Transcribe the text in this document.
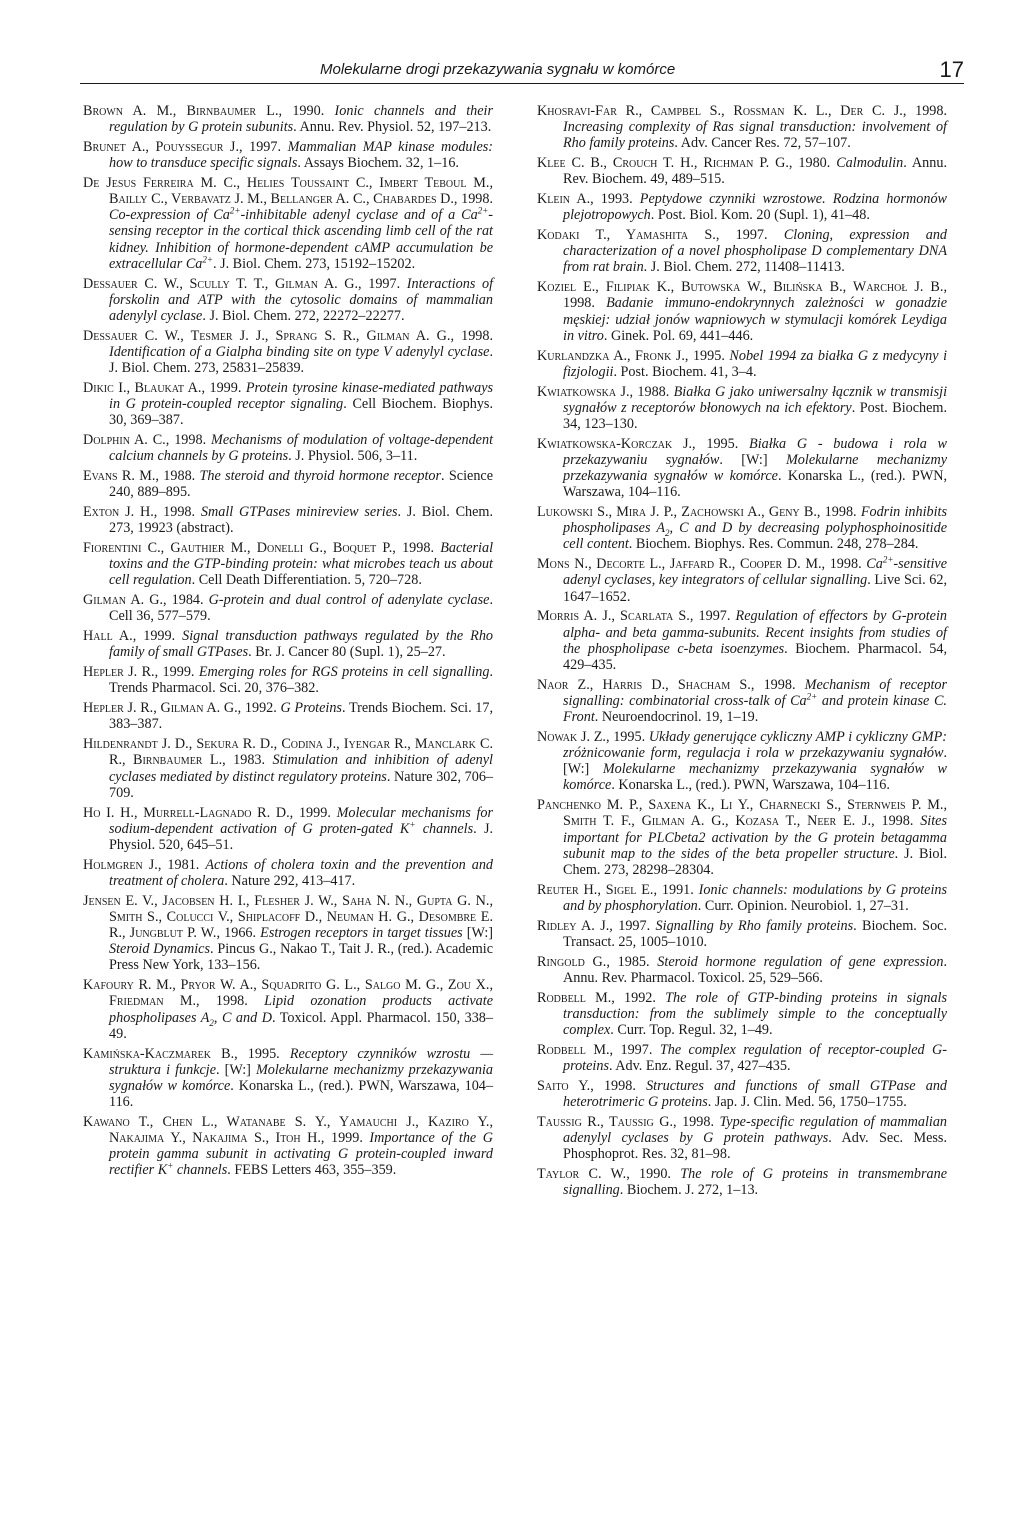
Molekularne drogi przekazywania sygnału w komórce	17

Brown A. M., Birnbaumer L., 1990. Ionic channels and their regulation by G protein subunits. Annu. Rev. Physiol. 52, 197–213.

Brunet A., Pouyssegur J., 1997. Mammalian MAP kinase modules: how to transduce specific signals. Assays Biochem. 32, 1–16.

De Jesus Ferreira M. C., Helies Toussaint C., Imbert Teboul M., Bailly C., Verbavatz J. M., Bellanger A. C., Chabardes D., 1998. Co-expression of $Ca^{2+}$-inhibitable adenyl cyclase and of a $Ca^{2+}$-sensing receptor in the cortical thick ascending limb cell of the rat kidney. Inhibition of hormone-dependent cAMP accumulation be extracellular $Ca^{2+}$. J. Biol. Chem. 273, 15192–15202.

Dessauer C. W., Scully T. T., Gilman A. G., 1997. Interactions of forskolin and ATP with the cytosolic domains of mammalian adenylyl cyclase. J. Biol. Chem. 272, 22272–22277.

Dessauer C. W., Tesmer J. J., Sprang S. R., Gilman A. G., 1998. Identification of a Gialpha binding site on type V adenylyl cyclase. J. Biol. Chem. 273, 25831–25839.

Dikic I., Blaukat A., 1999. Protein tyrosine kinase-mediated pathways in G protein-coupled receptor signaling. Cell Biochem. Biophys. 30, 369–387.

Dolphin A. C., 1998. Mechanisms of modulation of voltage-dependent calcium channels by G proteins. J. Physiol. 506, 3–11.

Evans R. M., 1988. The steroid and thyroid hormone receptor. Science 240, 889–895.

Exton J. H., 1998. Small GTPases minireview series. J. Biol. Chem. 273, 19923 (abstract).

Fiorentini C., Gauthier M., Donelli G., Boquet P., 1998. Bacterial toxins and the GTP-binding protein: what microbes teach us about cell regulation. Cell Death Differentiation. 5, 720–728.

Gilman A. G., 1984. G-protein and dual control of adenylate cyclase. Cell 36, 577–579.

Hall A., 1999. Signal transduction pathways regulated by the Rho family of small GTPases. Br. J. Cancer 80 (Supl. 1), 25–27.

Hepler J. R., 1999. Emerging roles for RGS proteins in cell signalling. Trends Pharmacol. Sci. 20, 376–382.

Hepler J. R., Gilman A. G., 1992. G Proteins. Trends Biochem. Sci. 17, 383–387.

Hildenrandt J. D., Sekura R. D., Codina J., Iyengar R., Manclark C. R., Birnbaumer L., 1983. Stimulation and inhibition of adenyl cyclases mediated by distinct regulatory proteins. Nature 302, 706–709.

Ho I. H., Murrell-Lagnado R. D., 1999. Molecular mechanisms for sodium-dependent activation of G proten-gated K+ channels. J. Physiol. 520, 645–51.

Holmgren J., 1981. Actions of cholera toxin and the prevention and treatment of cholera. Nature 292, 413–417.

Jensen E. V., Jacobsen H. I., Flesher J. W., Saha N. N., Gupta G. N., Smith S., Colucci V., Shiplacoff D., Neuman H. G., Desombre E. R., Jungblut P. W., 1966. Estrogen receptors in target tissues [W:] Steroid Dynamics. Pincus G., Nakao T., Tait J. R., (red.). Academic Press New York, 133–156.

Kafoury R. M., Pryor W. A., Squadrito G. L., Salgo M. G., Zou X., Friedman M., 1998. Lipid ozonation products activate phospholipases $A_2$, C and D. Toxicol. Appl. Pharmacol. 150, 338–49.

Kamińska-Kaczmarek B., 1995. Receptory czynników wzrostu — struktura i funkcje. [W:] Molekularne mechanizmy przekazywania sygnałów w komórce. Konarska L., (red.). PWN, Warszawa, 104–116.

Kawano T., Chen L., Watanabe S. Y., Yamauchi J., Kaziro Y., Nakajima Y., Nakajima S., Itoh H., 1999. Importance of the G protein gamma subunit in activating G protein-coupled inward rectifier K+ channels. FEBS Letters 463, 355–359.

Khosravi-Far R., Campbel S., Rossman K. L., Der C. J., 1998. Increasing complexity of Ras signal transduction: involvement of Rho family proteins. Adv. Cancer Res. 72, 57–107.

Klee C. B., Crouch T. H., Richman P. G., 1980. Calmodulin. Annu. Rev. Biochem. 49, 489–515.

Klein A., 1993. Peptydowe czynniki wzrostowe. Rodzina hormonów plejotropowych. Post. Biol. Kom. 20 (Supl. 1), 41–48.

Kodaki T., Yamashita S., 1997. Cloning, expression and characterization of a novel phospholipase D complementary DNA from rat brain. J. Biol. Chem. 272, 11408–11413.

Koziel E., Filipiak K., Butowska W., Bilińska B., Warchoł J. B., 1998. Badanie immuno-endokrynnych zależności w gonadzie męskiej: udział jonów wapniowych w stymulacji komórek Leydiga in vitro. Ginek. Pol. 69, 441–446.

Kurlandzka A., Fronk J., 1995. Nobel 1994 za białka G z medycyny i fizjologii. Post. Biochem. 41, 3–4.

Kwiatkowska J., 1988. Białka G jako uniwersalny łącznik w transmisji sygnałów z receptorów błonowych na ich efektory. Post. Biochem. 34, 123–130.

Kwiatkowska-Korczak J., 1995. Białka G - budowa i rola w przekazywaniu sygnałów. [W:] Molekularne mechanizmy przekazywania sygnałów w komórce. Konarska L., (red.). PWN, Warszawa, 104–116.

Lukowski S., Mira J. P., Zachowski A., Geny B., 1998. Fodrin inhibits phospholipases $A_2$, C and D by decreasing polyphosphoinositide cell content. Biochem. Biophys. Res. Commun. 248, 278–284.

Mons N., Decorte L., Jaffard R., Cooper D. M., 1998. $Ca^{2+}$-sensitive adenyl cyclases, key integrators of cellular signalling. Live Sci. 62, 1647–1652.

Morris A. J., Scarlata S., 1997. Regulation of effectors by G-protein alpha- and beta gamma-subunits. Recent insights from studies of the phospholipase c-beta isoenzymes. Biochem. Pharmacol. 54, 429–435.

Naor Z., Harris D., Shacham S., 1998. Mechanism of receptor signalling: combinatorial cross-talk of $Ca^{2+}$ and protein kinase C. Front. Neuroendocrinol. 19, 1–19.

Nowak J. Z., 1995. Układy generujące cykliczny AMP i cykliczny GMP: zróżnicowanie form, regulacja i rola w przekazywaniu sygnałów. [W:] Molekularne mechanizmy przekazywania sygnałów w komórce. Konarska L., (red.). PWN, Warszawa, 104–116.

Panchenko M. P., Saxena K., Li Y., Charnecki S., Sternweis P. M., Smith T. F., Gilman A. G., Kozasa T., Neer E. J., 1998. Sites important for PLCbeta2 activation by the G protein betagamma subunit map to the sides of the beta propeller structure. J. Biol. Chem. 273, 28298–28304.

Reuter H., Sigel E., 1991. Ionic channels: modulations by G proteins and by phosphorylation. Curr. Opinion. Neurobiol. 1, 27–31.

Ridley A. J., 1997. Signalling by Rho family proteins. Biochem. Soc. Transact. 25, 1005–1010.

Ringold G., 1985. Steroid hormone regulation of gene expression. Annu. Rev. Pharmacol. Toxicol. 25, 529–566.

Rodbell M., 1992. The role of GTP-binding proteins in signals transduction: from the sublimely simple to the conceptually complex. Curr. Top. Regul. 32, 1–49.

Rodbell M., 1997. The complex regulation of receptor-coupled G-proteins. Adv. Enz. Regul. 37, 427–435.

Saito Y., 1998. Structures and functions of small GTPase and heterotrimeric G proteins. Jap. J. Clin. Med. 56, 1750–1755.

Taussig R., Taussig G., 1998. Type-specific regulation of mammalian adenylyl cyclases by G protein pathways. Adv. Sec. Mess. Phosphoprot. Res. 32, 81–98.

Taylor C. W., 1990. The role of G proteins in transmembrane signalling. Biochem. J. 272, 1–13.
